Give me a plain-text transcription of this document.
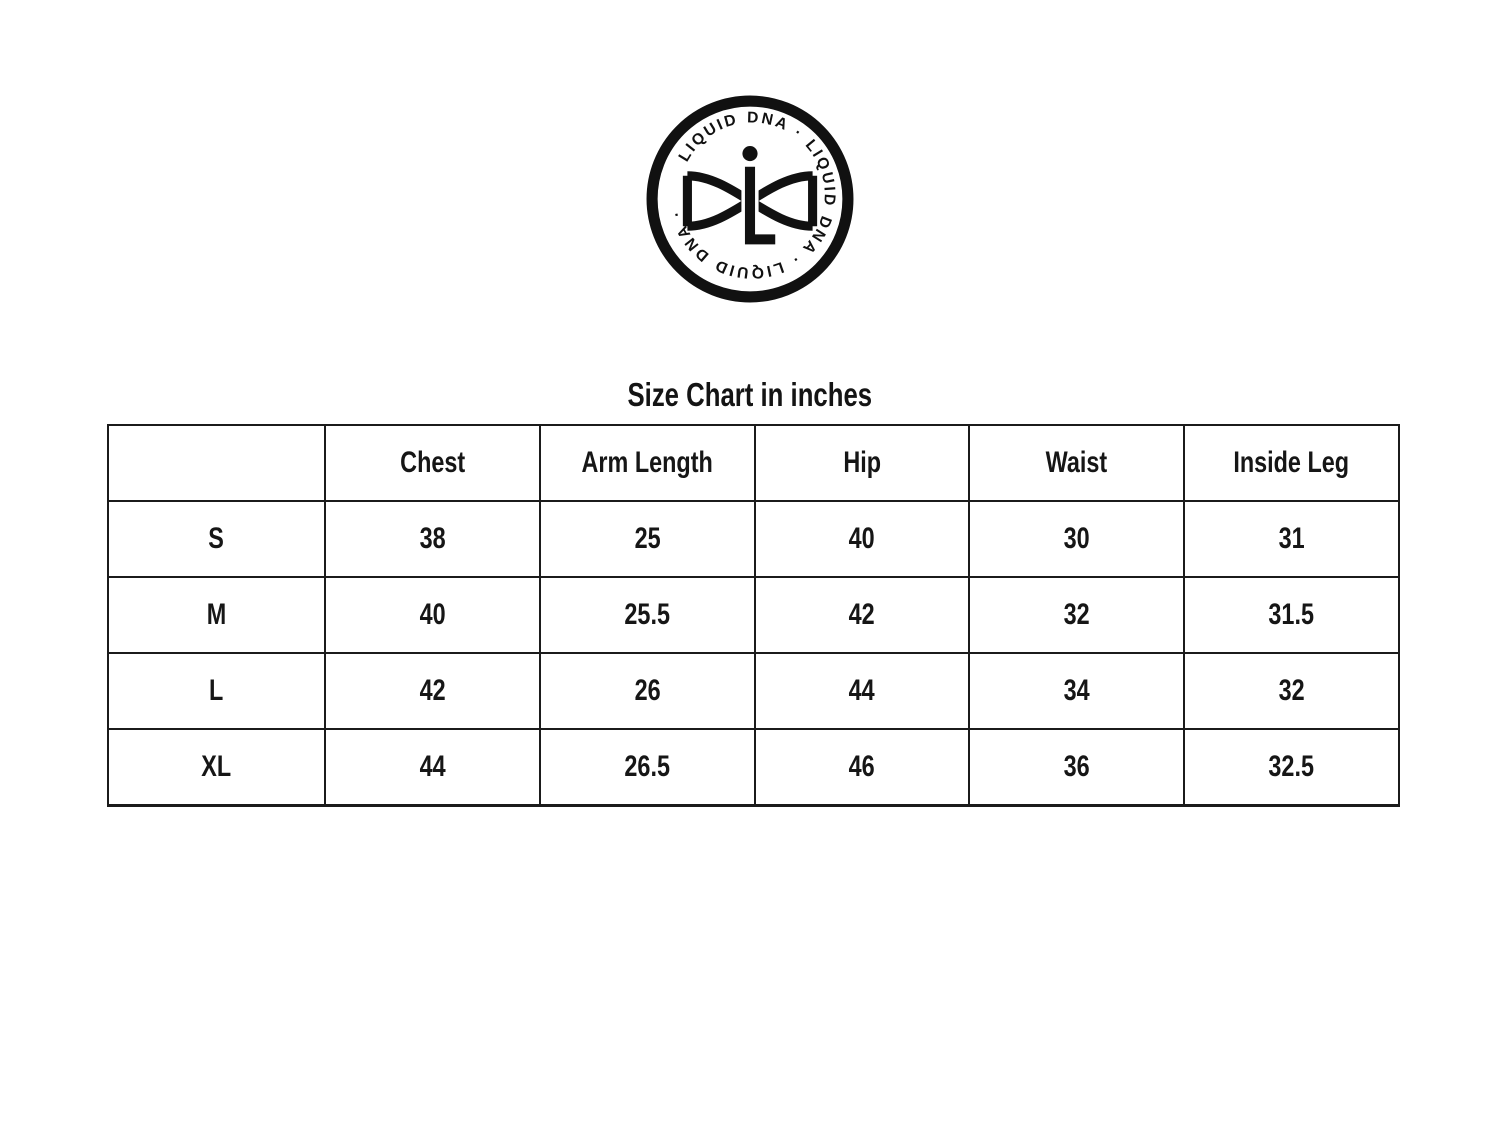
LIQUID DNA · LIQUID DNA · LIQUID DNA ·
Size Chart in inches
	Chest	Arm Length	Hip	Waist	Inside Leg
S	38	25	40	30	31
M	40	25.5	42	32	31.5
L	42	26	44	34	32
XL	44	26.5	46	36	32.5
